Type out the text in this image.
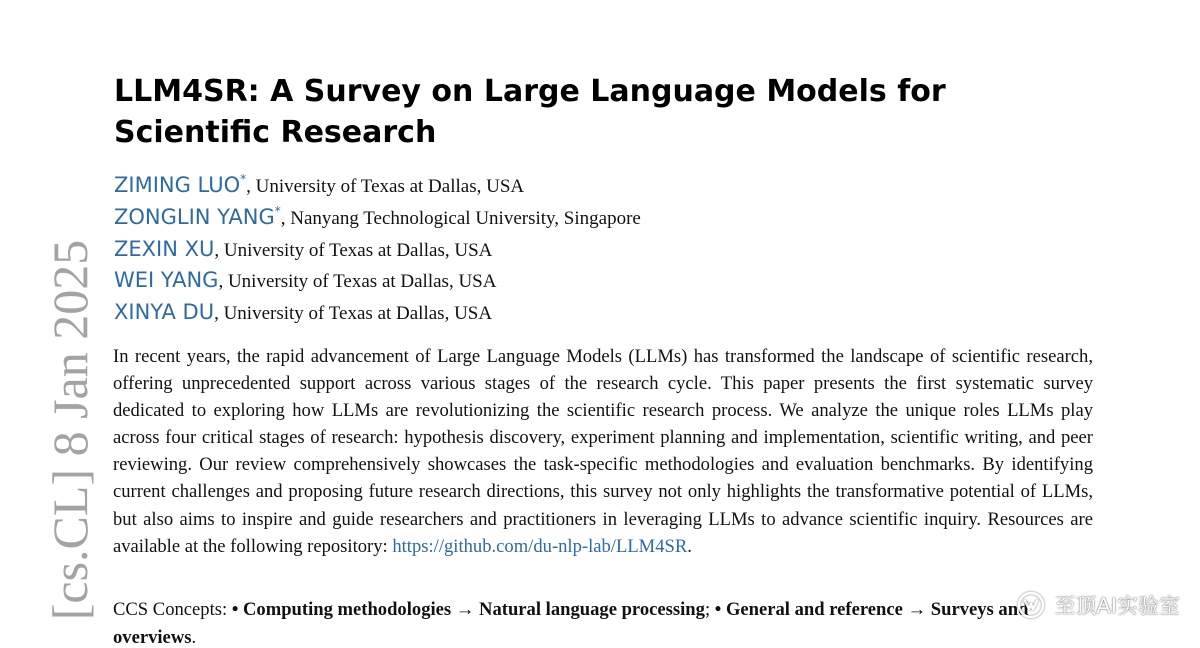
[cs.CL] 8 Jan 2025
LLM4SR: A Survey on Large Language Models for Scientific Research
ZIMING LUO*, University of Texas at Dallas, USA
ZONGLIN YANG*, Nanyang Technological University, Singapore
ZEXIN XU, University of Texas at Dallas, USA
WEI YANG, University of Texas at Dallas, USA
XINYA DU, University of Texas at Dallas, USA

In recent years, the rapid advancement of Large Language Models (LLMs) has transformed the landscape of scientific research, offering unprecedented support across various stages of the research cycle. This paper presents the first systematic survey dedicated to exploring how LLMs are revolutionizing the scientific research process. We analyze the unique roles LLMs play across four critical stages of research: hypothesis discovery, experiment planning and implementation, scientific writing, and peer reviewing. Our review comprehensively showcases the task-specific methodologies and evaluation benchmarks. By identifying current challenges and proposing future research directions, this survey not only highlights the transformative potential of LLMs, but also aims to inspire and guide researchers and practitioners in leveraging LLMs to advance scientific inquiry. Resources are available at the following repository: https://github.com/du-nlp-lab/LLM4SR.

CCS Concepts: • Computing methodologies → Natural language processing; • General and reference → Surveys and overviews.

至顶AI实验室
